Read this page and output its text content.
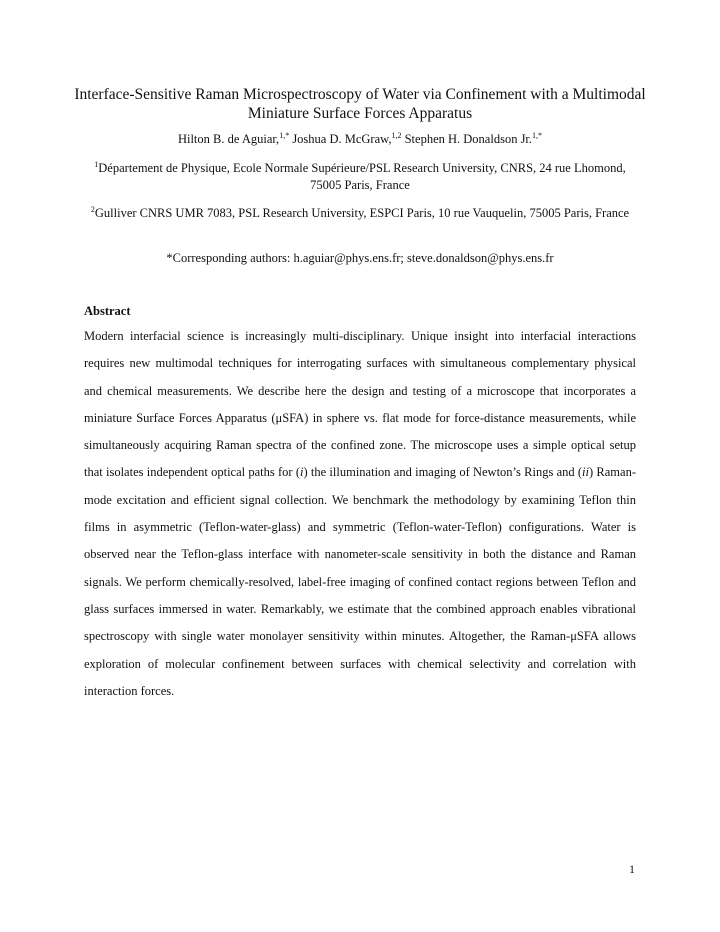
Interface-Sensitive Raman Microspectroscopy of Water via Confinement with a Multimodal Miniature Surface Forces Apparatus
Hilton B. de Aguiar,$^{1,*}$ Joshua D. McGraw,$^{1,2}$ Stephen H. Donaldson Jr.$^{1,*}$
$^1$Département de Physique, Ecole Normale Supérieure/PSL Research University, CNRS, 24 rue Lhomond, 75005 Paris, France
$^2$Gulliver CNRS UMR 7083, PSL Research University, ESPCI Paris, 10 rue Vauquelin, 75005 Paris, France
*Corresponding authors: h.aguiar@phys.ens.fr; steve.donaldson@phys.ens.fr
Abstract

Modern interfacial science is increasingly multi-disciplinary. Unique insight into interfacial interactions requires new multimodal techniques for interrogating surfaces with simultaneous complementary physical and chemical measurements. We describe here the design and testing of a microscope that incorporates a miniature Surface Forces Apparatus (μSFA) in sphere vs. flat mode for force-distance measurements, while simultaneously acquiring Raman spectra of the confined zone. The microscope uses a simple optical setup that isolates independent optical paths for (i) the illumination and imaging of Newton’s Rings and (ii) Raman-mode excitation and efficient signal collection. We benchmark the methodology by examining Teflon thin films in asymmetric (Teflon-water-glass) and symmetric (Teflon-water-Teflon) configurations. Water is observed near the Teflon-glass interface with nanometer-scale sensitivity in both the distance and Raman signals. We perform chemically-resolved, label-free imaging of confined contact regions between Teflon and glass surfaces immersed in water. Remarkably, we estimate that the combined approach enables vibrational spectroscopy with single water monolayer sensitivity within minutes. Altogether, the Raman-μSFA allows exploration of molecular confinement between surfaces with chemical selectivity and correlation with interaction forces.

1
